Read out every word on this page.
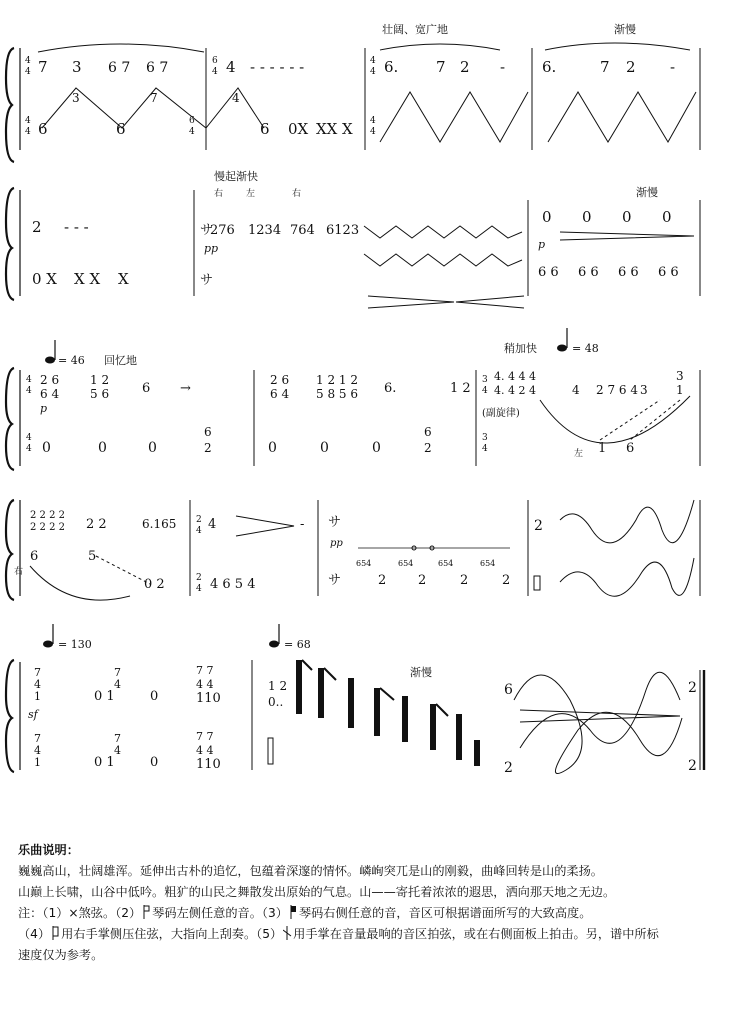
4
4
4
4
6
4
6
4
4
4
4
4
7 3 6 7 6 7	4 - - - - - -
6
3
6
7	4
6 0X XX X
壮阔、宽广地	渐慢
6.	7 2 - 6.	7 2 -
2 - - -
0 X X X X
慢起渐快
右	左	右
サ
276 1234 764 6123
pp
サ
渐慢
0 0 0 0
p
6 6 6 6 6 6 6 6
= 46 回忆地
4
4
2 6
6 4
1 2
5 6	6 →
p
2 6
6 4
1 2 1 2
5 8 5 6 6.	1 2
4
4 0	0	0
6
2	0	0	0
6
2
稍加快	= 48
3
4
4. 4 4 4
4. 4 2 4	4 2 7 6 4 3
3
1
(副旋律)
3
4	左 1 6
2 2 2 2
2 2 2 2 2 2	6.165 2
4 4	-
6	5
右
0 2	2
4 4 6 5 4
サ
pp
サ
654	654	654	654
2 2	2	2
2
= 130	= 68
渐慢
7
4
1
sf
0 1
7
4
0
7 7
4 4
110
7
4
1	0 1
7
4
0
7 7
4 4
110
1 2
0..
6
2
2
2

乐曲说明：

巍巍高山，壮阔雄浑。延伸出古朴的追忆，包蕴着深邃的情怀。嶙峋突兀是山的刚毅，曲峰回转是山的柔扬。

山巅上长啸，山谷中低吟。粗犷的山民之舞散发出原始的气息。山——寄托着浓浓的遐思，洒向那天地之无边。

注：（1）×煞弦。（2） 琴码左侧任意的音。（3） 琴码右侧任意的音，音区可根据谱面所写的大致高度。

（4） 用右手掌侧压住弦，大指向上刮奏。（5） 用手掌在音量最响的音区拍弦，或在右侧面板上拍击。另，谱中所标

速度仅为参考。
